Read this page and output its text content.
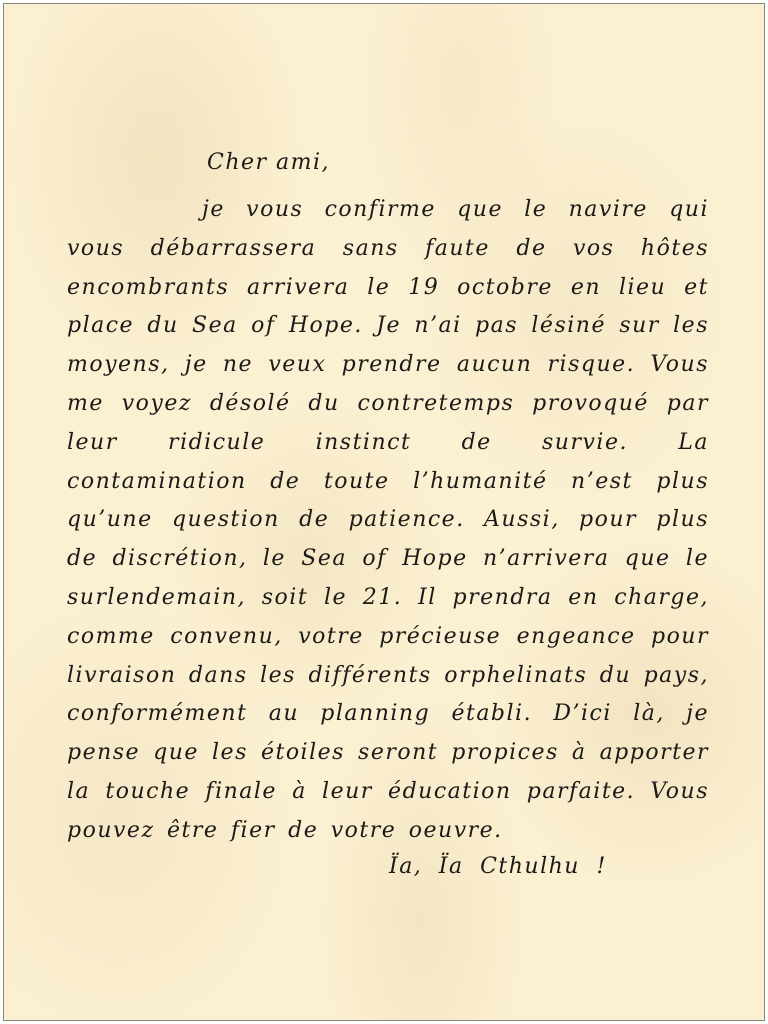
Cher ami,

je vous confirme que le navire qui vous débarrassera sans faute de vos hôtes encombrants arrivera le 19 octobre en lieu et place du Sea of Hope. Je n’ai pas lésiné sur les moyens, je ne veux prendre aucun risque. Vous me voyez désolé du contretemps provoqué par leur ridicule instinct de survie. La contamination de toute l’humanité n’est plus qu’une question de patience. Aussi, pour plus de discrétion, le Sea of Hope n’arrivera que le surlendemain, soit le 21. Il prendra en charge, comme convenu, votre précieuse engeance pour livraison dans les différents orphelinats du pays, conformément au planning établi. D’ici là, je pense que les étoiles seront propices à apporter la touche finale à leur éducation parfaite. Vous pouvez être fier de votre oeuvre.

Ïa, Ïa Cthulhu !
